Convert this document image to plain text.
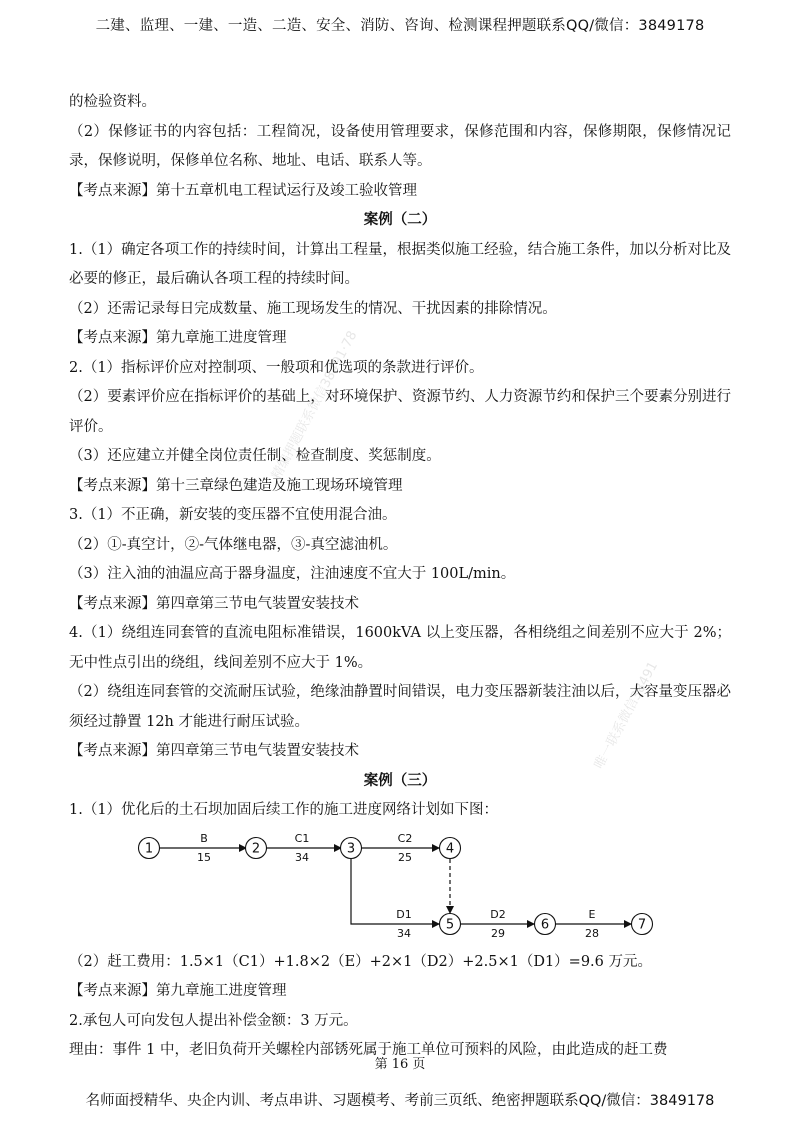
二建、监理、一建、一造、二造、安全、消防、咨询、检测课程押题联系QQ/微信：3849178
精编押题联系微信38491·78
唯一联系微信38491

的检验资料。

（2）保修证书的内容包括：工程简况，设备使用管理要求，保修范围和内容，保修期限，保修情况记录，保修说明，保修单位名称、地址、电话、联系人等。

【考点来源】第十五章机电工程试运行及竣工验收管理

案例（二）

1.（1）确定各项工作的持续时间，计算出工程量，根据类似施工经验，结合施工条件，加以分析对比及必要的修正，最后确认各项工程的持续时间。

（2）还需记录每日完成数量、施工现场发生的情况、干扰因素的排除情况。

【考点来源】第九章施工进度管理

2.（1）指标评价应对控制项、一般项和优选项的条款进行评价。

（2）要素评价应在指标评价的基础上，对环境保护、资源节约、人力资源节约和保护三个要素分别进行评价。

（3）还应建立并健全岗位责任制、检查制度、奖惩制度。

【考点来源】第十三章绿色建造及施工现场环境管理

3.（1）不正确，新安装的变压器不宜使用混合油。

（2）①-真空计，②-气体继电器，③-真空滤油机。

（3）注入油的油温应高于器身温度，注油速度不宜大于 100L/min。

【考点来源】第四章第三节电气装置安装技术

4.（1）绕组连同套管的直流电阻标准错误，1600kVA 以上变压器，各相绕组之间差别不应大于 2%；无中性点引出的绕组，线间差别不应大于 1%。

（2）绕组连同套管的交流耐压试验，绝缘油静置时间错误，电力变压器新装注油以后，大容量变压器必须经过静置 12h 才能进行耐压试验。

【考点来源】第四章第三节电气装置安装技术

案例（三）

1.（1）优化后的土石坝加固后续工作的施工进度网络计划如下图：

B
15
C1
34
C2
25
D1
34
D2
29
E
28
1	2	3	4
5	6	7

（2）赶工费用：1.5×1（C1）+1.8×2（E）+2×1（D2）+2.5×1（D1）=9.6 万元。

【考点来源】第九章施工进度管理

2.承包人可向发包人提出补偿金额：3 万元。

理由：事件 1 中，老旧负荷开关螺栓内部锈死属于施工单位可预料的风险，由此造成的赶工费

第 16 页
名师面授精华、央企内训、考点串讲、习题模考、考前三页纸、绝密押题联系QQ/微信：3849178
